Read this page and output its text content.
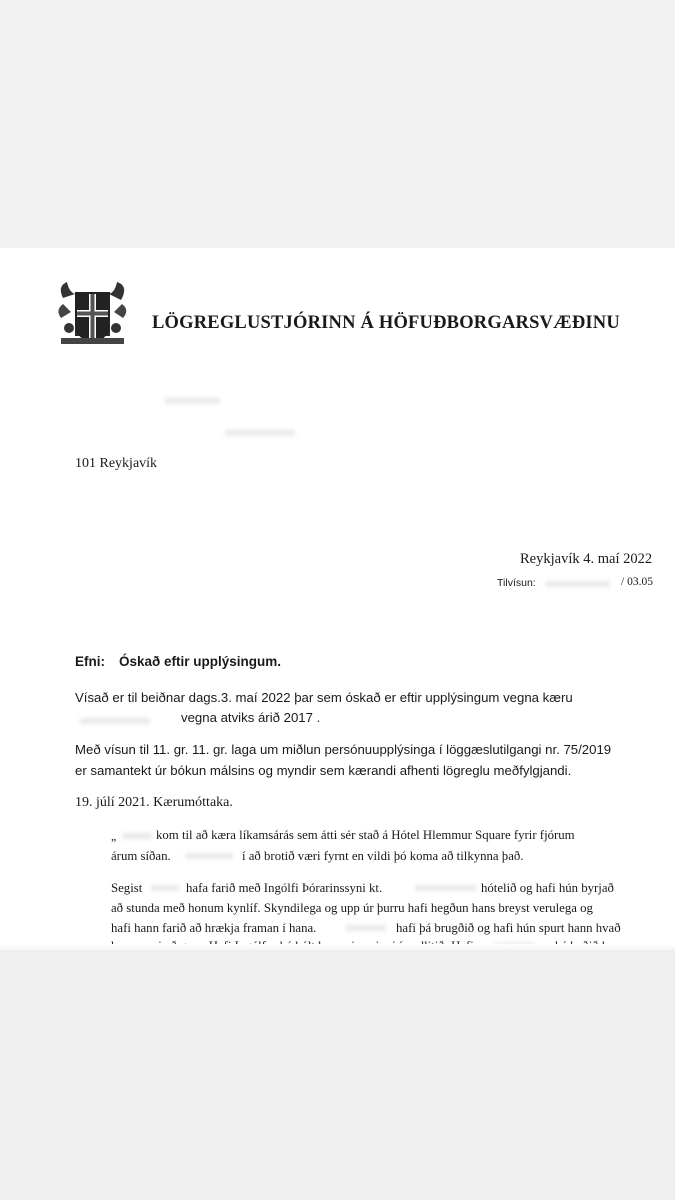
LÖGREGLUSTJÓRINN Á HÖFUÐBORGARSVÆÐINU
101 Reykjavík
Reykjavík 4. maí 2022
Tilvísun:	/ 03.05
Efni: Óskað eftir upplýsingum.
Vísað er til beiðnar dags.3. maí 2022 þar sem óskað er eftir upplýsingum vegna kæru
vegna atviks árið 2017 .
Með vísun til 11. gr. 11. gr. laga um miðlun persónuupplýsinga í löggæslutilgangi nr. 75/2019
er samantekt úr bókun málsins og myndir sem kærandi afhenti lögreglu meðfylgjandi.
19. júlí 2021. Kærumóttaka.
„	kom til að kæra líkamsárás sem átti sér stað á Hótel Hlemmur Square fyrir fjórum
árum síðan.	í að brotið væri fyrnt en vildi þó koma að tilkynna það.
Segist	hafa farið með Ingólfi Þórarinssyni kt.	hótelið og hafi hún byrjað
að stunda með honum kynlíf. Skyndilega og upp úr þurru hafi hegðun hans breyst verulega og
hafi hann farið að hrækja framan í hana.	hafi þá brugðið og hafi hún spurt hann hvað
